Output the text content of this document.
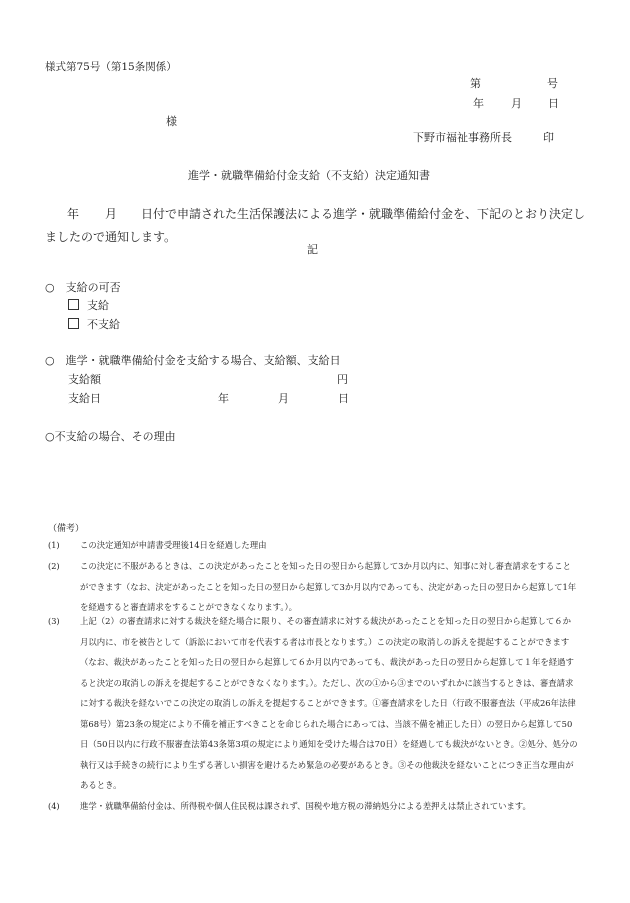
様式第75号（第15条関係）
第	号
年 月 日
様
下野市福祉事務所長	印
進学・就職準備給付金支給（不支給）決定通知書
年 月 日付で申請された生活保護法による進学・就職準備給付金を、下記のとおり決定しましたので通知します。
記
○　支給の可否
支給
不支給
○　進学・就職準備給付金を支給する場合、支給額、支給日
支給額	円
支給日	年	月	日
○不支給の場合、その理由
（備考）
(1) この決定通知が申請書受理後14日を経過した理由
(2) この決定に不服があるときは、この決定があったことを知った日の翌日から起算して3か月以内に、知事に対し審査請求をすることができます（なお、決定があったことを知った日の翌日から起算して3か月以内であっても、決定があった日の翌日から起算して1年を経過すると審査請求をすることができなくなります。）。
(3) 上記（2）の審査請求に対する裁決を経た場合に限り、その審査請求に対する裁決があったことを知った日の翌日から起算して６か月以内に、市を被告として（訴訟において市を代表する者は市長となります。）この決定の取消しの訴えを提起することができます（なお、裁決があったことを知った日の翌日から起算して６か月以内であっても、裁決があった日の翌日から起算して１年を経過すると決定の取消しの訴えを提起することができなくなります。）。ただし、次の①から③までのいずれかに該当するときは、審査請求に対する裁決を経ないでこの決定の取消しの訴えを提起することができます。①審査請求をした日（行政不服審査法（平成26年法律第68号）第23条の規定により不備を補正すべきことを命じられた場合にあっては、当該不備を補正した日）の翌日から起算して50日（50日以内に行政不服審査法第43条第3項の規定により通知を受けた場合は70日）を経過しても裁決がないとき。②処分、処分の執行又は手続きの続行により生ずる著しい損害を避けるため緊急の必要があるとき。③その他裁決を経ないことにつき正当な理由があるとき。
(4) 進学・就職準備給付金は、所得税や個人住民税は課されず、国税や地方税の滞納処分による差押えは禁止されています。
